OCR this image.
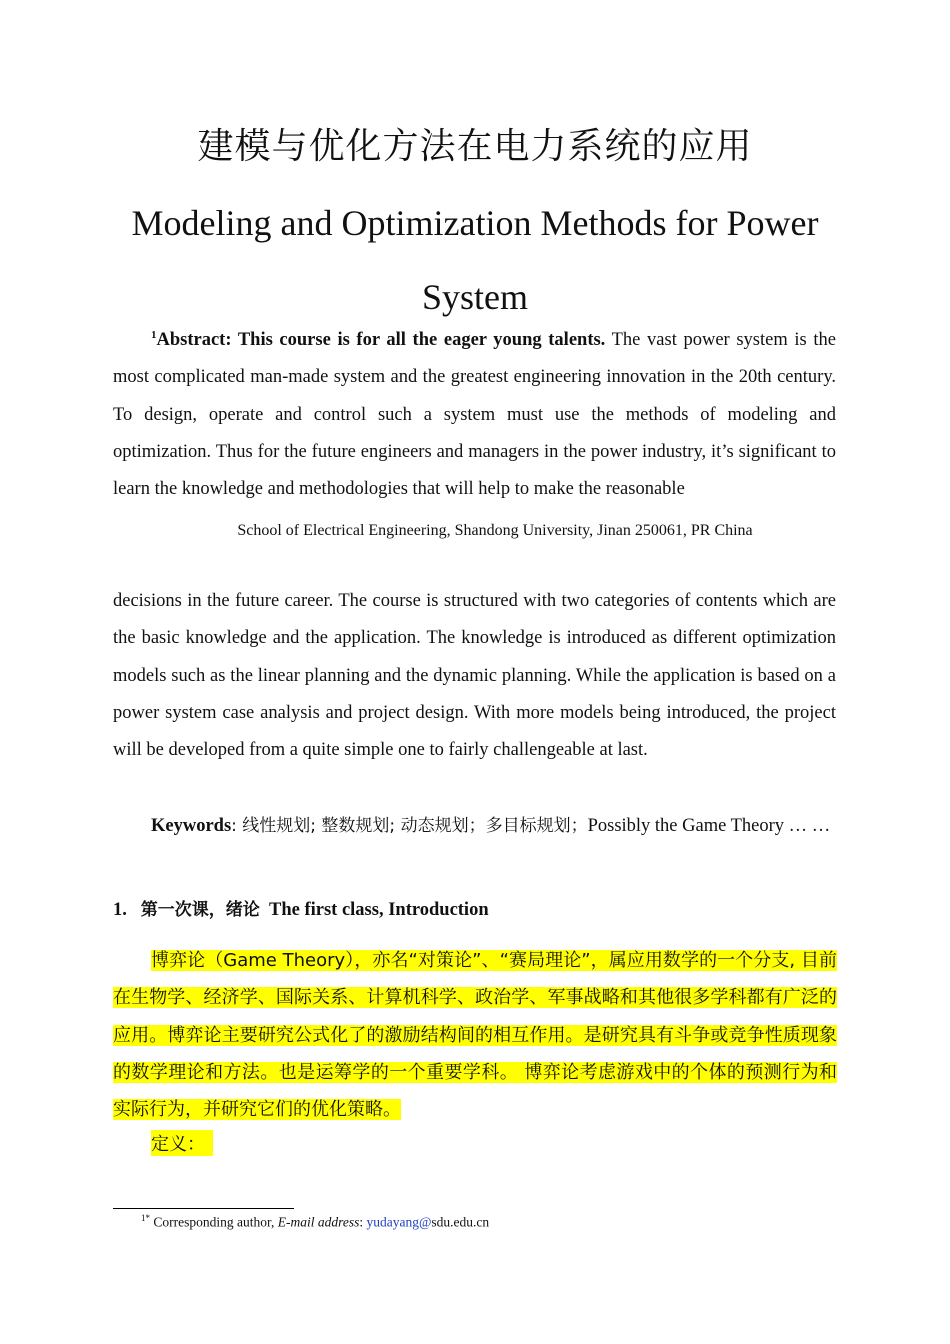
建模与优化方法在电力系统的应用
Modeling and Optimization Methods for Power System
$^1$Abstract: This course is for all the eager young talents. The vast power system is the most complicated man-made system and the greatest engineering innovation in the 20th century. To design, operate and control such a system must use the methods of modeling and optimization. Thus for the future engineers and managers in the power industry, it’s significant to learn the knowledge and methodologies that will help to make the reasonable
School of Electrical Engineering, Shandong University, Jinan 250061, PR China
decisions in the future career. The course is structured with two categories of contents which are the basic knowledge and the application. The knowledge is introduced as different optimization models such as the linear planning and the dynamic planning. While the application is based on a power system case analysis and project design. With more models being introduced, the project will be developed from a quite simple one to fairly challengeable at last.
Keywords: 线性规划; 整数规划; 动态规划；多目标规划；Possibly the Game Theory … …
1. 第一次课，绪论 The first class, Introduction
博弈论（Game Theory），亦名“对策论”、“赛局理论”，属应用数学的一个分支, 目前在生物学、经济学、国际关系、计算机科学、政治学、军事战略和其他很多学科都有广泛的应用。博弈论主要研究公式化了的激励结构间的相互作用。是研究具有斗争或竞争性质现象的数学理论和方法。也是运筹学的一个重要学科。 博弈论考虑游戏中的个体的预测行为和实际行为，并研究它们的优化策略。
定义：
$^{1*}$ Corresponding author, E-mail address: yudayang@sdu.edu.cn
